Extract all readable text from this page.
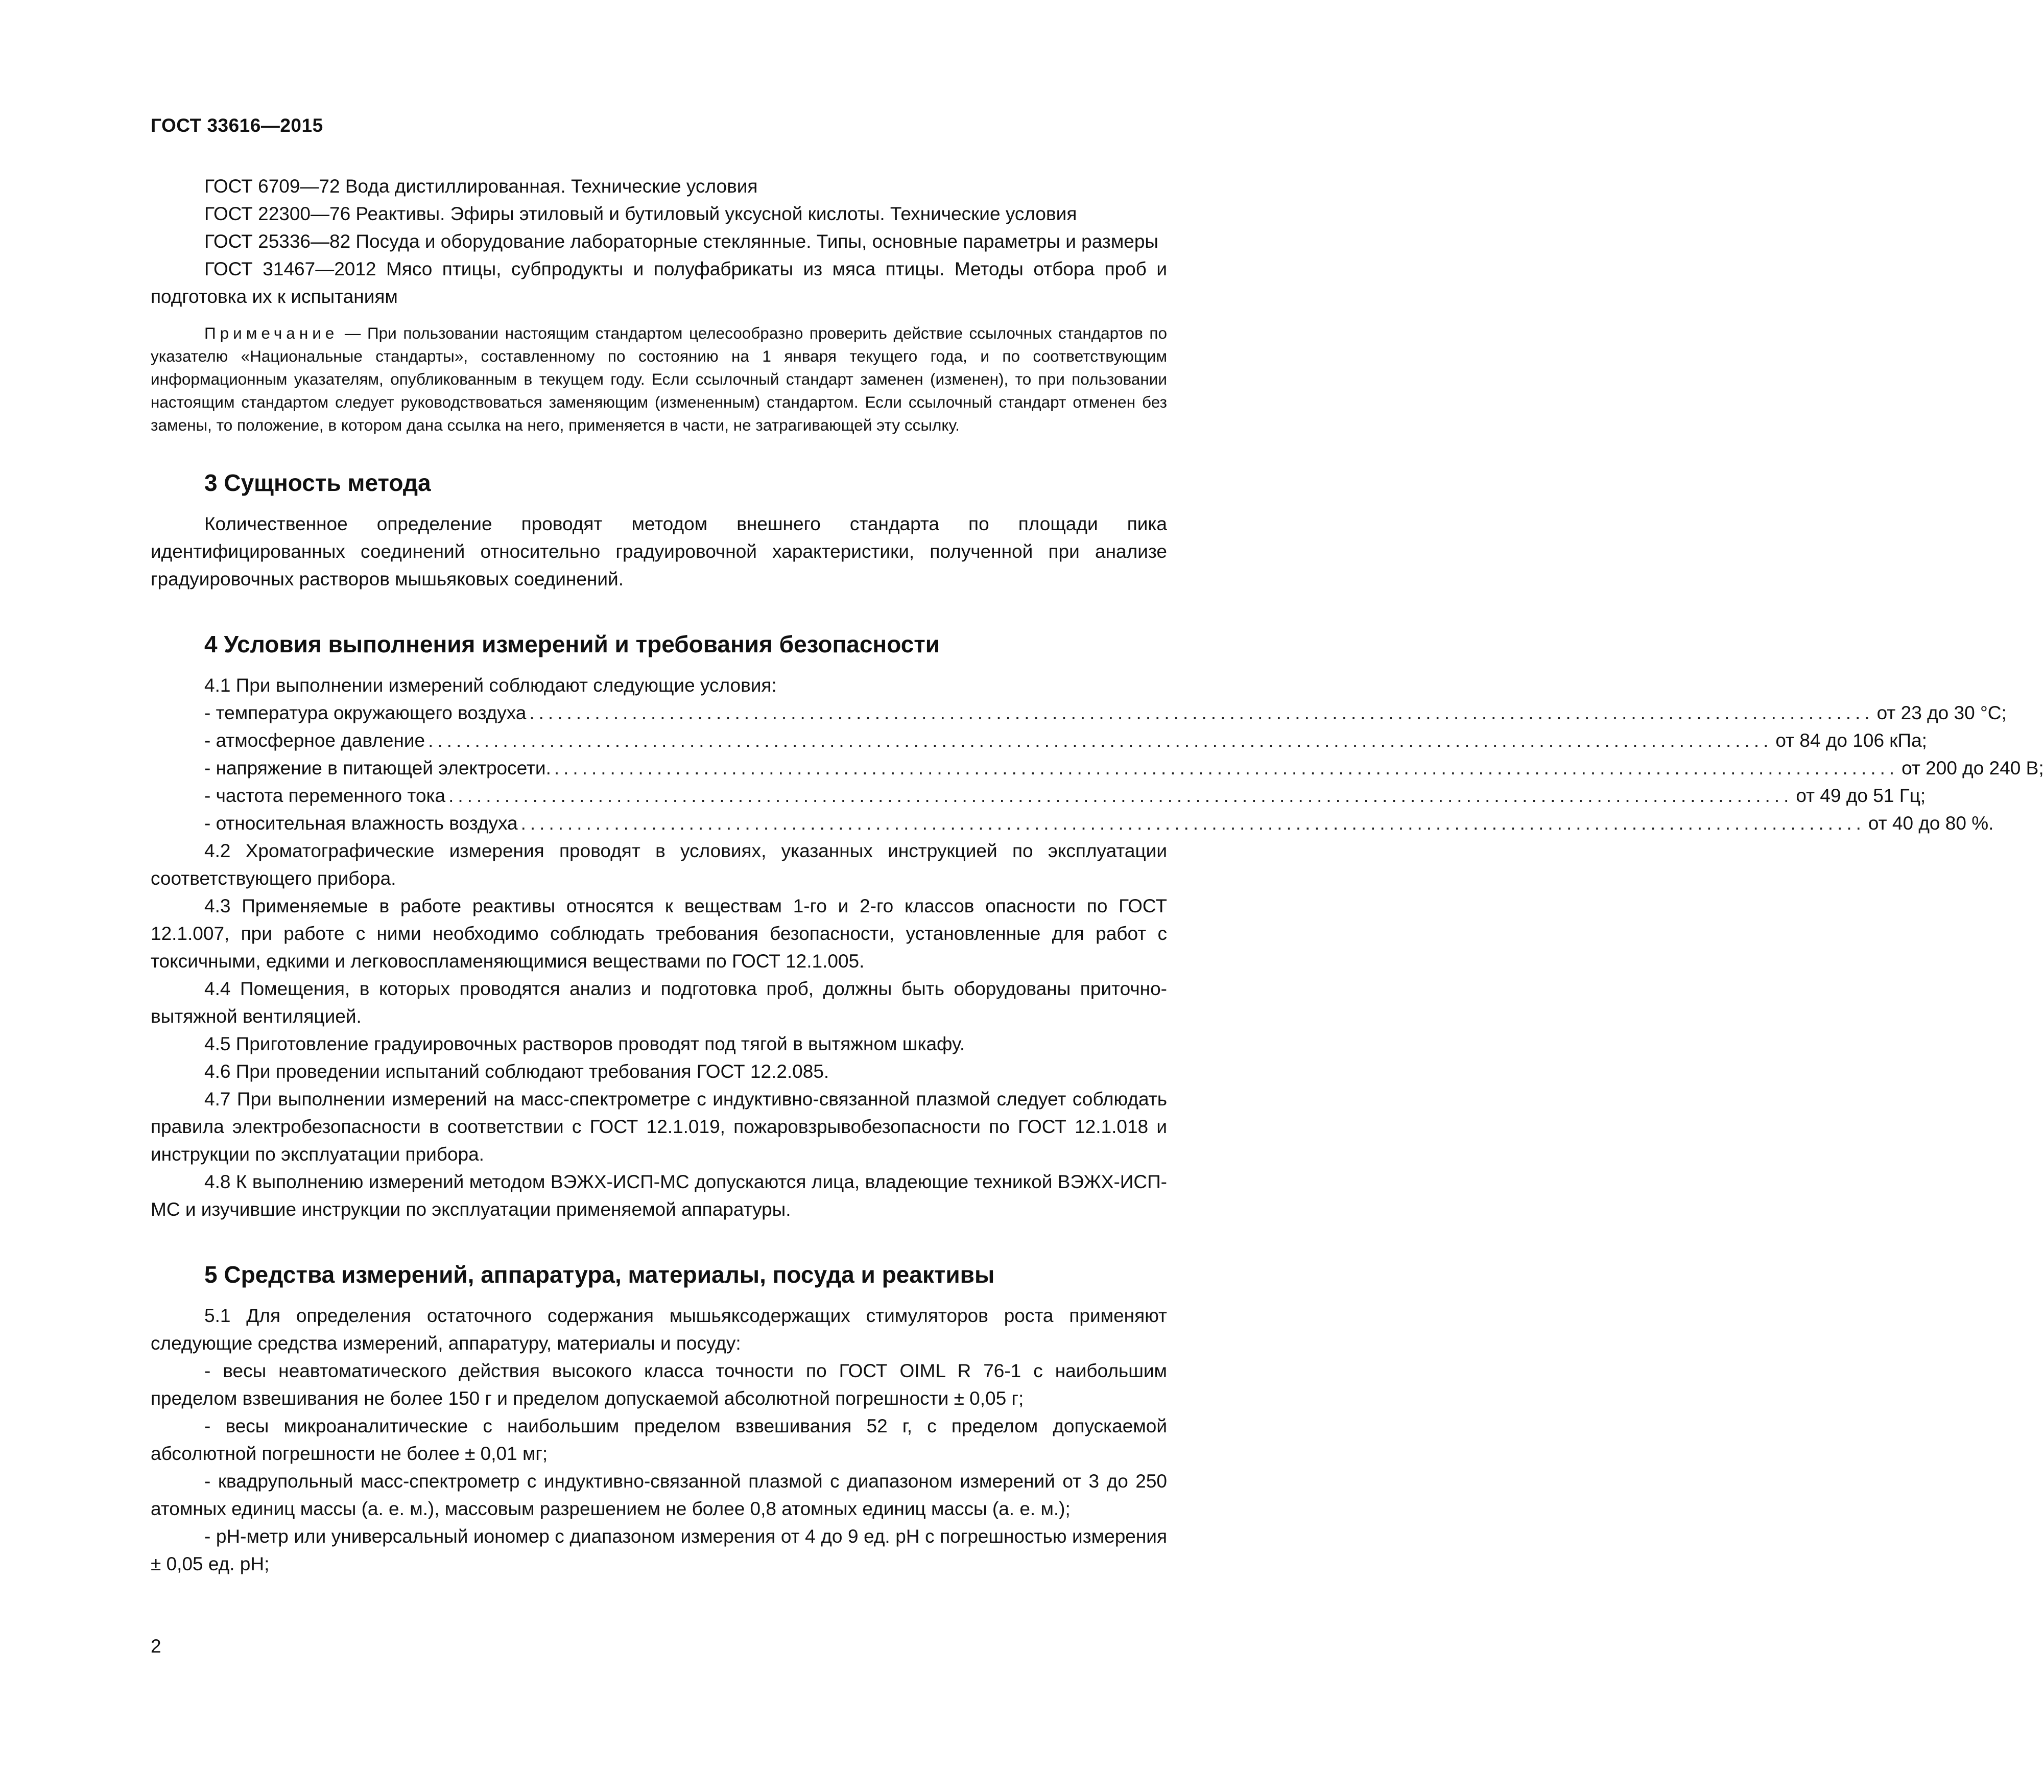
ГОСТ 33616—2015

ГОСТ 6709—72 Вода дистиллированная. Технические условия

ГОСТ 22300—76 Реактивы. Эфиры этиловый и бутиловый уксусной кислоты. Технические условия

ГОСТ 25336—82 Посуда и оборудование лабораторные стеклянные. Типы, основные параметры и размеры

ГОСТ 31467—2012 Мясо птицы, субпродукты и полуфабрикаты из мяса птицы. Методы отбора проб и подготовка их к испытаниям

Примечание — При пользовании настоящим стандартом целесообразно проверить действие ссылочных стандартов по указателю «Национальные стандарты», составленному по состоянию на 1 января текущего года, и по соответствующим информационным указателям, опубликованным в текущем году. Если ссылочный стандарт заменен (изменен), то при пользовании настоящим стандартом следует руководствоваться заменяющим (измененным) стандартом. Если ссылочный стандарт отменен без замены, то положение, в котором дана ссылка на него, применяется в части, не затрагивающей эту ссылку.

3 Сущность метода

Количественное определение проводят методом внешнего стандарта по площади пика идентифицированных соединений относительно градуировочной характеристики, полученной при анализе градуировочных растворов мышьяковых соединений.

4 Условия выполнения измерений и требования безопасности

4.1 При выполнении измерений соблюдают следующие условия:

- температура окружающего воздуха ................................................................................................................................................ от 23 до 30 °С;
- атмосферное давление ................................................................................................................................................ от 84 до 106 кПа;
- напряжение в питающей электросети. ................................................................................................................................................ от 200 до 240 В;
- частота переменного тока ................................................................................................................................................ от 49 до 51 Гц;
- относительная влажность воздуха ................................................................................................................................................ от 40 до 80 %.

4.2 Хроматографические измерения проводят в условиях, указанных инструкцией по эксплуатации соответствующего прибора.

4.3 Применяемые в работе реактивы относятся к веществам 1-го и 2-го классов опасности по ГОСТ 12.1.007, при работе с ними необходимо соблюдать требования безопасности, установленные для работ с токсичными, едкими и легковоспламеняющимися веществами по ГОСТ 12.1.005.

4.4 Помещения, в которых проводятся анализ и подготовка проб, должны быть оборудованы приточно-вытяжной вентиляцией.

4.5 Приготовление градуировочных растворов проводят под тягой в вытяжном шкафу.

4.6 При проведении испытаний соблюдают требования ГОСТ 12.2.085.

4.7 При выполнении измерений на масс-спектрометре с индуктивно-связанной плазмой следует соблюдать правила электробезопасности в соответствии с ГОСТ 12.1.019, пожаровзрывобезопасности по ГОСТ 12.1.018 и инструкции по эксплуатации прибора.

4.8 К выполнению измерений методом ВЭЖХ-ИСП-МС допускаются лица, владеющие техникой ВЭЖХ-ИСП-МС и изучившие инструкции по эксплуатации применяемой аппаратуры.

5 Средства измерений, аппаратура, материалы, посуда и реактивы

5.1 Для определения остаточного содержания мышьяксодержащих стимуляторов роста применяют следующие средства измерений, аппаратуру, материалы и посуду:

- весы неавтоматического действия высокого класса точности по ГОСТ OIML R 76-1 с наибольшим пределом взвешивания не более 150 г и пределом допускаемой абсолютной погрешности ± 0,05 г;

- весы микроаналитические с наибольшим пределом взвешивания 52 г, с пределом допускаемой абсолютной погрешности не более ± 0,01 мг;

- квадрупольный масс-спектрометр с индуктивно-связанной плазмой с диапазоном измерений от 3 до 250 атомных единиц массы (а. е. м.), массовым разрешением не более 0,8 атомных единиц массы (а. е. м.);

- pH-метр или универсальный иономер с диапазоном измерения от 4 до 9 ед. pH с погрешностью измерения ± 0,05 ед. pH;

2
